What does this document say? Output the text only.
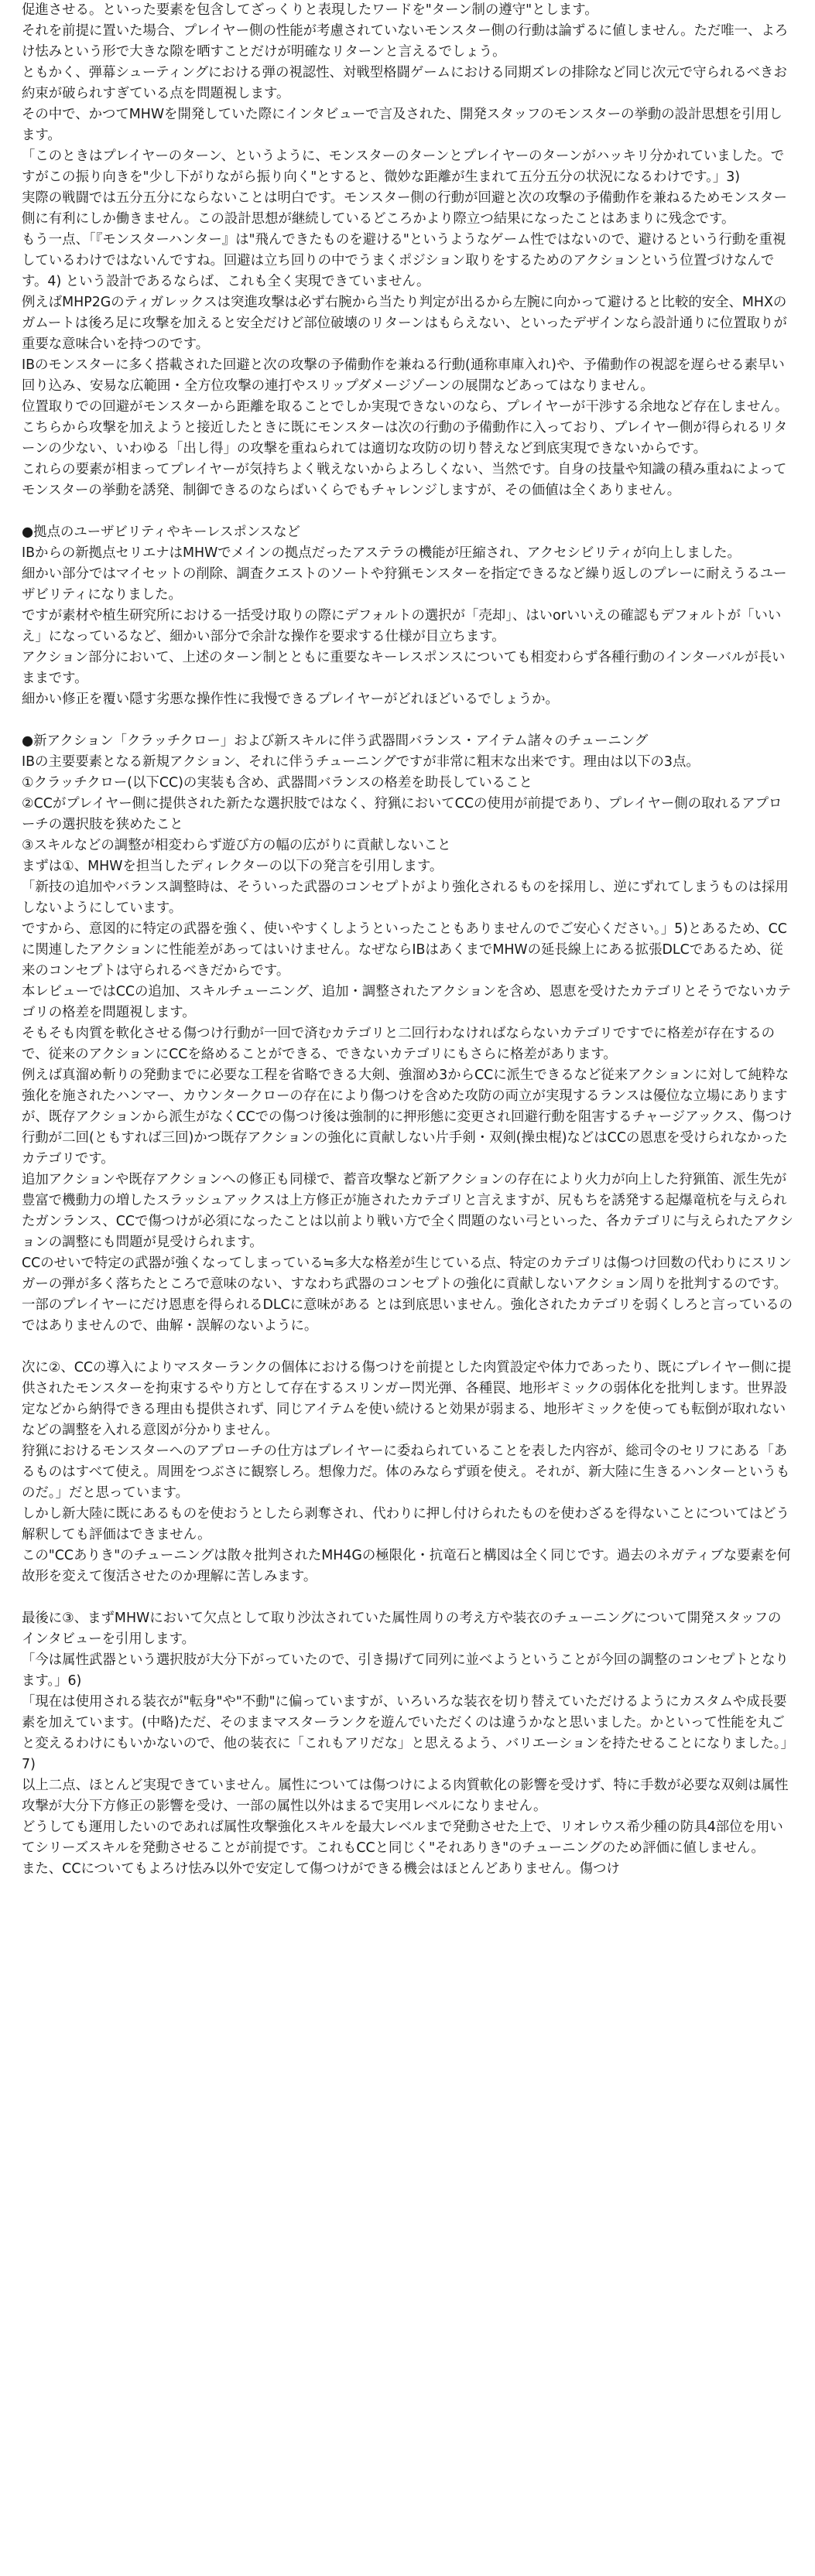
促進させる。といった要素を包含してざっくりと表現したワードを"ターン制の遵守"とします。

それを前提に置いた場合、プレイヤー側の性能が考慮されていないモンスター側の行動は論ずるに値しません。ただ唯一、よろけ怯みという形で大きな隙を晒すことだけが明確なリターンと言えるでしょう。

ともかく、弾幕シューティングにおける弾の視認性、対戦型格闘ゲームにおける同期ズレの排除など同じ次元で守られるべきお約束が破られすぎている点を問題視します。

その中で、かつてMHWを開発していた際にインタビューで言及された、開発スタッフのモンスターの挙動の設計思想を引用します。

「このときはプレイヤーのターン、というように、モンスターのターンとプレイヤーのターンがハッキリ分かれていました。ですがこの振り向きを"少し下がりながら振り向く"とすると、微妙な距離が生まれて五分五分の状況になるわけです。」3)

実際の戦闘では五分五分にならないことは明白です。モンスター側の行動が回避と次の攻撃の予備動作を兼ねるためモンスター側に有利にしか働きません。この設計思想が継続しているどころかより際立つ結果になったことはあまりに残念です。

もう一点、「『モンスターハンター』は"飛んできたものを避ける"というようなゲーム性ではないので、避けるという行動を重視しているわけではないんですね。回避は立ち回りの中でうまくポジション取りをするためのアクションという位置づけなんです。4) という設計であるならば、これも全く実現できていません。

例えばMHP2Gのティガレックスは突進攻撃は必ず右腕から当たり判定が出るから左腕に向かって避けると比較的安全、MHXのガムートは後ろ足に攻撃を加えると安全だけど部位破壊のリターンはもらえない、といったデザインなら設計通りに位置取りが重要な意味合いを持つのです。

IBのモンスターに多く搭載された回避と次の攻撃の予備動作を兼ねる行動(通称車庫入れ)や、予備動作の視認を遅らせる素早い回り込み、安易な広範囲・全方位攻撃の連打やスリップダメージゾーンの展開などあってはなりません。

位置取りでの回避がモンスターから距離を取ることでしか実現できないのなら、プレイヤーが干渉する余地など存在しません。こちらから攻撃を加えようと接近したときに既にモンスターは次の行動の予備動作に入っており、プレイヤー側が得られるリターンの少ない、いわゆる「出し得」の攻撃を重ねられては適切な攻防の切り替えなど到底実現できないからです。

これらの要素が相まってプレイヤーが気持ちよく戦えないからよろしくない、当然です。自身の技量や知識の積み重ねによってモンスターの挙動を誘発、制御できるのならばいくらでもチャレンジしますが、その価値は全くありません。

●拠点のユーザビリティやキーレスポンスなど

IBからの新拠点セリエナはMHWでメインの拠点だったアステラの機能が圧縮され、アクセシビリティが向上しました。

細かい部分ではマイセットの削除、調査クエストのソートや狩猟モンスターを指定できるなど繰り返しのプレーに耐えうるユーザビリティになりました。

ですが素材や植生研究所における一括受け取りの際にデフォルトの選択が「売却」、はいorいいえの確認もデフォルトが「いいえ」になっているなど、細かい部分で余計な操作を要求する仕様が目立ちます。

アクション部分において、上述のターン制とともに重要なキーレスポンスについても相変わらず各種行動のインターバルが長いままです。

細かい修正を覆い隠す劣悪な操作性に我慢できるプレイヤーがどれほどいるでしょうか。

●新アクション「クラッチクロー」および新スキルに伴う武器間バランス・アイテム諸々のチューニング

IBの主要要素となる新規アクション、それに伴うチューニングですが非常に粗末な出来です。理由は以下の3点。

①クラッチクロー(以下CC)の実装も含め、武器間バランスの格差を助長していること

②CCがプレイヤー側に提供された新たな選択肢ではなく、狩猟においてCCの使用が前提であり、プレイヤー側の取れるアプローチの選択肢を狭めたこと

③スキルなどの調整が相変わらず遊び方の幅の広がりに貢献しないこと

まずは①、MHWを担当したディレクターの以下の発言を引用します。

「新技の追加やバランス調整時は、そういった武器のコンセプトがより強化されるものを採用し、逆にずれてしまうものは採用しないようにしています。

ですから、意図的に特定の武器を強く、使いやすくしようといったこともありませんのでご安心ください。」5)とあるため、CCに関連したアクションに性能差があってはいけません。なぜならIBはあくまでMHWの延長線上にある拡張DLCであるため、従来のコンセプトは守られるべきだからです。

本レビューではCCの追加、スキルチューニング、追加・調整されたアクションを含め、恩恵を受けたカテゴリとそうでないカテゴリの格差を問題視します。

そもそも肉質を軟化させる傷つけ行動が一回で済むカテゴリと二回行わなければならないカテゴリですでに格差が存在するので、従来のアクションにCCを絡めることができる、できないカテゴリにもさらに格差があります。

例えば真溜め斬りの発動までに必要な工程を省略できる大剣、強溜め3からCCに派生できるなど従来アクションに対して純粋な強化を施されたハンマー、カウンタークローの存在により傷つけを含めた攻防の両立が実現するランスは優位な立場にありますが、既存アクションから派生がなくCCでの傷つけ後は強制的に押形態に変更され回避行動を阻害するチャージアックス、傷つけ行動が二回(ともすれば三回)かつ既存アクションの強化に貢献しない片手剣・双剣(操虫棍)などはCCの恩恵を受けられなかったカテゴリです。

追加アクションや既存アクションへの修正も同様で、蓄音攻撃など新アクションの存在により火力が向上した狩猟笛、派生先が豊富で機動力の増したスラッシュアックスは上方修正が施されたカテゴリと言えますが、尻もちを誘発する起爆竜杭を与えられたガンランス、CCで傷つけが必須になったことは以前より戦い方で全く問題のない弓といった、各カテゴリに与えられたアクションの調整にも問題が見受けられます。

CCのせいで特定の武器が強くなってしまっている≒多大な格差が生じている点、特定のカテゴリは傷つけ回数の代わりにスリンガーの弾が多く落ちたところで意味のない、すなわち武器のコンセプトの強化に貢献しないアクション周りを批判するのです。

一部のプレイヤーにだけ恩恵を得られるDLCに意味がある とは到底思いません。強化されたカテゴリを弱くしろと言っているのではありませんので、曲解・誤解のないように。

次に②、CCの導入によりマスターランクの個体における傷つけを前提とした肉質設定や体力であったり、既にプレイヤー側に提供されたモンスターを拘束するやり方として存在するスリンガー閃光弾、各種罠、地形ギミックの弱体化を批判します。世界設定などから納得できる理由も提供されず、同じアイテムを使い続けると効果が弱まる、地形ギミックを使っても転倒が取れないなどの調整を入れる意図が分かりません。

狩猟におけるモンスターへのアプローチの仕方はプレイヤーに委ねられていることを表した内容が、総司令のセリフにある「あるものはすべて使え。周囲をつぶさに観察しろ。想像力だ。体のみならず頭を使え。それが、新大陸に生きるハンターというものだ。」だと思っています。

しかし新大陸に既にあるものを使おうとしたら剥奪され、代わりに押し付けられたものを使わざるを得ないことについてはどう解釈しても評価はできません。

この"CCありき"のチューニングは散々批判されたMH4Gの極限化・抗竜石と構図は全く同じです。過去のネガティブな要素を何故形を変えて復活させたのか理解に苦しみます。

最後に③、まずMHWにおいて欠点として取り沙汰されていた属性周りの考え方や装衣のチューニングについて開発スタッフのインタビューを引用します。

「今は属性武器という選択肢が大分下がっていたので、引き揚げて同列に並べようということが今回の調整のコンセプトとなります。」6)

「現在は使用される装衣が"転身"や"不動"に偏っていますが、いろいろな装衣を切り替えていただけるようにカスタムや成長要素を加えています。(中略)ただ、そのままマスターランクを遊んでいただくのは違うかなと思いました。かといって性能を丸ごと変えるわけにもいかないので、他の装衣に「これもアリだな」と思えるよう、バリエーションを持たせることになりました。」7)

以上二点、ほとんど実現できていません。属性については傷つけによる肉質軟化の影響を受けず、特に手数が必要な双剣は属性攻撃が大分下方修正の影響を受け、一部の属性以外はまるで実用レベルになりません。

どうしても運用したいのであれば属性攻撃強化スキルを最大レベルまで発動させた上で、リオレウス希少種の防具4部位を用いてシリーズスキルを発動させることが前提です。これもCCと同じく"それありき"のチューニングのため評価に値しません。

また、CCについてもよろけ怯み以外で安定して傷つけができる機会はほとんどありません。傷つけ
